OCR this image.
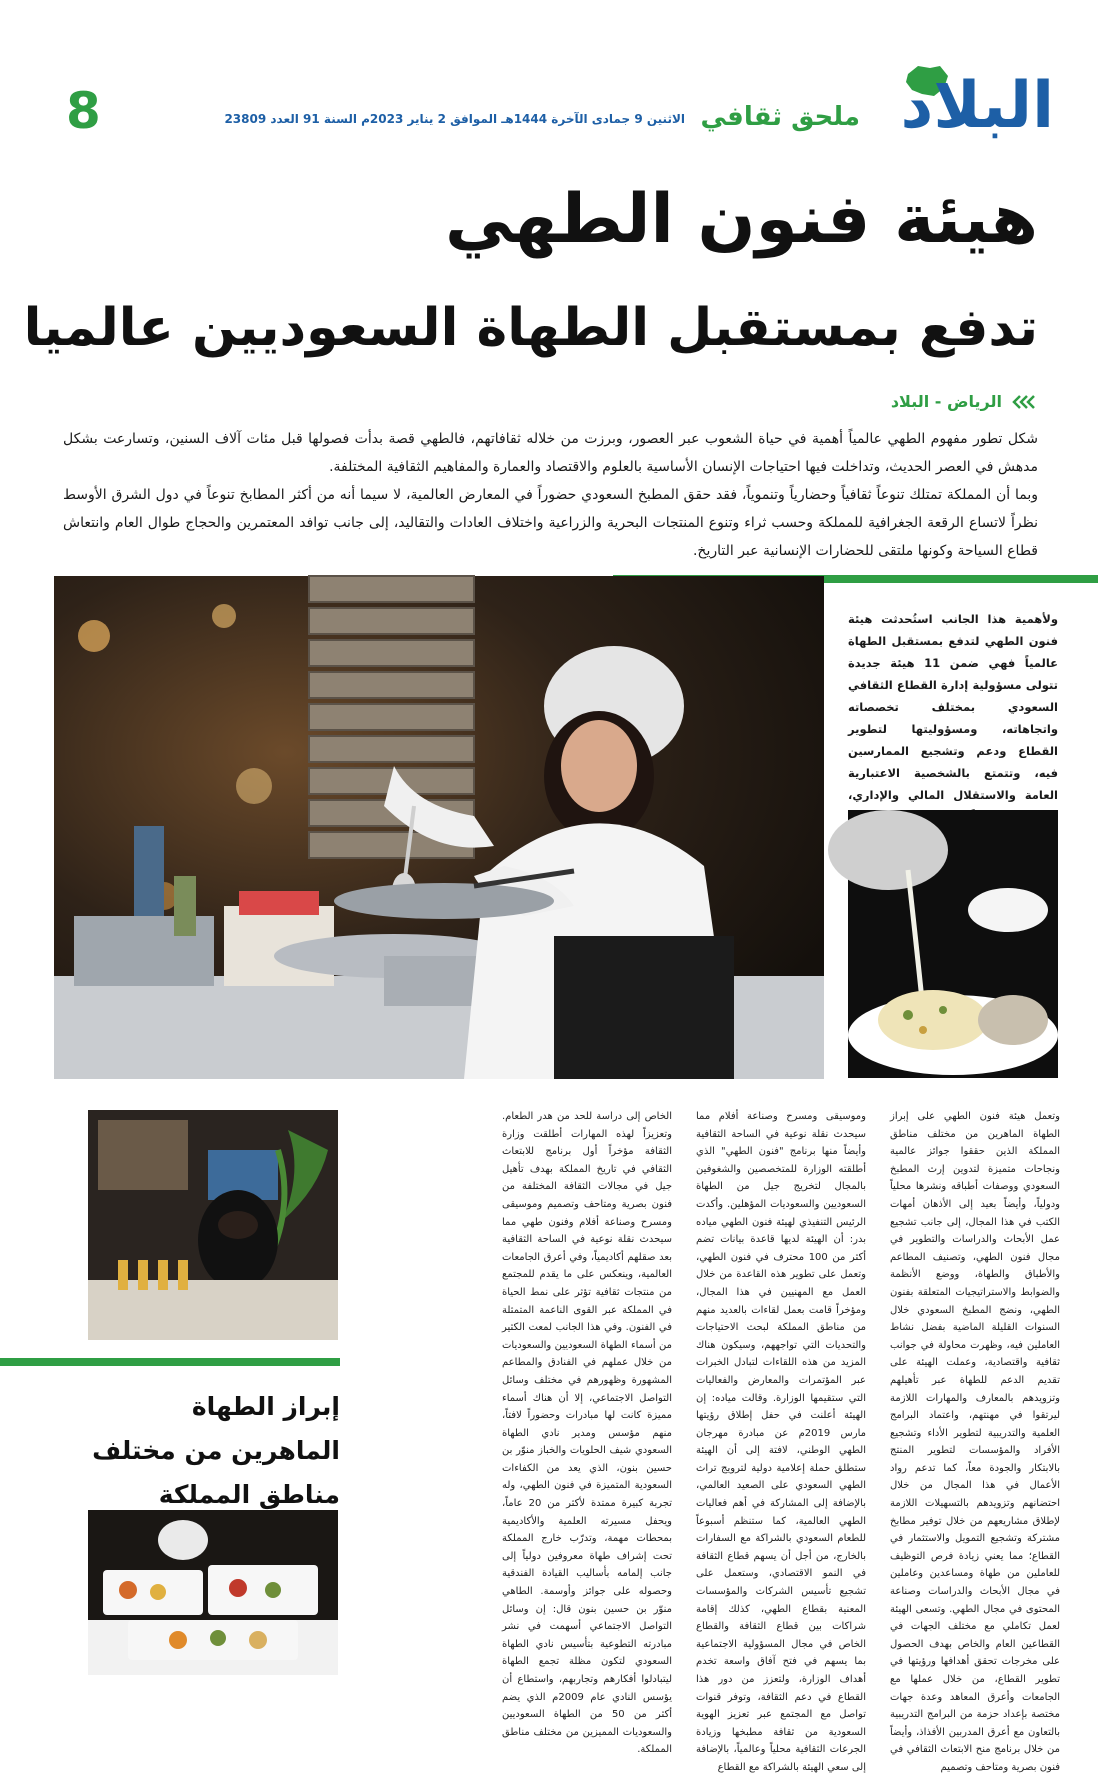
البلاد
ملحق ثقافي
الاثنين 9 جمادى الآخرة 1444هـ الموافق 2 يناير 2023م السنة 91 العدد 23809
8
هيئة فنون الطهي
تدفع بمستقبل الطهاة السعوديين عالميا
الرياض - البلاد

شكل تطور مفهوم الطهي عالمياً أهمية في حياة الشعوب عبر العصور، وبرزت من خلاله ثقافاتهم، فالطهي قصة بدأت فصولها قبل مئات آلاف السنين، وتسارعت بشكل مدهش في العصر الحديث، وتداخلت فيها احتياجات الإنسان الأساسية بالعلوم والاقتصاد والعمارة والمفاهيم الثقافية المختلفة.

وبما أن المملكة تمتلك تنوعاً ثقافياً وحضارياً وتنموياً، فقد حقق المطبخ السعودي حضوراً في المعارض العالمية، لا سيما أنه من أكثر المطابخ تنوعاً في دول الشرق الأوسط نظراً لاتساع الرقعة الجغرافية للمملكة وحسب ثراء وتنوع المنتجات البحرية والزراعية واختلاف العادات والتقاليد، إلى جانب توافد المعتمرين والحجاج طوال العام وانتعاش قطاع السياحة وكونها ملتقى للحضارات الإنسانية عبر التاريخ.

ولأهمية هذا الجانب استُحدثت هيئة فنون الطهي لتدفع بمستقبل الطهاة عالمياً فهي ضمن 11 هيئة جديدة تتولى مسؤولية إدارة القطاع الثقافي السعودي بمختلف تخصصاته واتجاهاته، ومسؤوليتها لتطوير القطاع ودعم وتشجيع الممارسين فيه، وتتمتع بالشخصية الاعتبارية العامة والاستقلال المالي والإداري،

وتعمل هيئة فنون الطهي على إبراز الطهاة الماهرين من مختلف مناطق المملكة الذين حققوا جوائز عالمية ونجاحات متميزة لتدوين إرث المطبخ السعودي ووصفات أطباقه ونشرها محلياً ودولياً، وأيضاً بعيد إلى الأذهان أمهات الكتب في هذا المجال، إلى جانب تشجيع عمل الأبحاث والدراسات والتطوير في مجال فنون الطهي، وتصنيف المطاعم والأطباق والطهاة، ووضع الأنظمة والضوابط والاستراتيجيات المتعلقة بفنون الطهي، ونضج المطبخ السعودي خلال السنوات القليلة الماضية بفضل نشاط العاملين فيه، وظهرت محاولة في جوانب ثقافية واقتصادية، وعملت الهيئة على تقديم الدعم للطهاة عبر تأهيلهم وتزويدهم بالمعارف والمهارات اللازمة ليرتقوا في مهنتهم، واعتماد البرامج العلمية والتدريبية لتطوير الأداء وتشجيع الأفراد والمؤسسات لتطوير المنتج بالابتكار والجودة معاً، كما تدعم رواد الأعمال في هذا المجال من خلال احتضانهم وتزويدهم بالتسهيلات اللازمة لإطلاق مشاريعهم من خلال توفير مطابخ مشتركة وتشجيع التمويل والاستثمار في القطاع؛ مما يعني زيادة فرص التوظيف للعاملين من طهاة ومساعدين وعاملين في مجال الأبحاث والدراسات وصناعة المحتوى في مجال الطهي. وتسعى الهيئة لعمل تكاملي مع مختلف الجهات في القطاعين العام والخاص بهدف الحصول على مخرجات تحقق أهدافها ورؤيتها في تطوير القطاع، من خلال عملها مع الجامعات وأعرق المعاهد وعدة جهات مختصة بإعداد حزمة من البرامج التدريبية بالتعاون مع أعرق المدربين الأفذاذ، وأيضاً من خلال برنامج منح الابتعاث الثقافي في فنون بصرية ومتاحف وتصميم

وموسيقى ومسرح وصناعة أفلام مما سيحدث نقلة نوعية في الساحة الثقافية وأيضاً منها برنامج "فنون الطهي" الذي أطلقته الوزارة للمتخصصين والشغوفين بالمجال لتخريج جيل من الطهاة السعوديين والسعوديات المؤهلين. وأكدت الرئيس التنفيذي لهيئة فنون الطهي مياده بدر: أن الهيئة لديها قاعدة بيانات تضم أكثر من 100 محترف في فنون الطهي، وتعمل على تطوير هذه القاعدة من خلال العمل مع المهنيين في هذا المجال، ومؤخراً قامت بعمل لقاءات بالعديد منهم من مناطق المملكة لبحث الاحتياجات والتحديات التي تواجههم، وسيكون هناك المزيد من هذه اللقاءات لتبادل الخبرات عبر المؤتمرات والمعارض والفعاليات التي ستقيمها الوزارة. وقالت مياده: إن الهيئة أعلنت في حفل إطلاق رؤيتها مارس 2019م عن مبادرة مهرجان الطهي الوطني، لافتة إلى أن الهيئة ستطلق حملة إعلامية دولية لترويج تراث الطهي السعودي على الصعيد العالمي، بالإضافة إلى المشاركة في أهم فعاليات الطهي العالمية، كما ستنظم أسبوعاً للطعام السعودي بالشراكة مع السفارات بالخارج، من أجل أن يسهم قطاع الثقافة في النمو الاقتصادي، وستعمل على تشجيع تأسيس الشركات والمؤسسات المعنية بقطاع الطهي، كذلك إقامة شراكات بين قطاع الثقافة والقطاع الخاص في مجال المسؤولية الاجتماعية بما يسهم في فتح آفاق واسعة تخدم أهداف الوزارة، ولتعزز من دور هذا القطاع في دعم الثقافة، وتوفر قنوات تواصل مع المجتمع عبر تعزيز الهوية السعودية من ثقافة مطبخها وزيادة الجرعات الثقافية محلياً وعالمياً، بالإضافة إلى سعي الهيئة بالشراكة مع القطاع

الخاص إلى دراسة للحد من هدر الطعام. وتعزيزاً لهذه المهارات أطلقت وزارة الثقافة مؤخراً أول برنامج للابتعاث الثقافي في تاريخ المملكة بهدف تأهيل جيل في مجالات الثقافة المختلفة من فنون بصرية ومتاحف وتصميم وموسيقى ومسرح وصناعة أفلام وفنون طهي مما سيحدث نقلة نوعية في الساحة الثقافية بعد صقلهم أكاديمياً، وفي أعرق الجامعات العالمية، وينعكس على ما يقدم للمجتمع من منتجات ثقافية تؤثر على نمط الحياة في المملكة عبر القوى الناعمة المتمثلة في الفنون. وفي هذا الجانب لمعت الكثير من أسماء الطهاة السعوديين والسعوديات من خلال عملهم في الفنادق والمطاعم المشهورة وظهورهم في مختلف وسائل التواصل الاجتماعي، إلا أن هناك أسماء مميزة كانت لها مبادرات وحضوراً لافتاً، منهم مؤسس ومدير نادي الطهاة السعودي شيف الحلويات والخباز منوّر بن حسين بنون، الذي يعد من الكفاءات السعودية المتميزة في فنون الطهي، وله تجربة كبيرة ممتدة لأكثر من 20 عاماً، ويحفل مسيرته العلمية والأكاديمية بمحطات مهمة، وتدرّب خارج المملكة تحت إشراف طهاة معروفين دولياً إلى جانب إلمامه بأساليب القيادة الفندقية وحصوله على جوائز وأوسمة. الطاهي منوّر بن حسين بنون قال: إن وسائل التواصل الاجتماعي أسهمت في نشر مبادرته التطوعية بتأسيس نادي الطهاة السعودي لتكون مظلة تجمع الطهاة ليتبادلوا أفكارهم وتجاربهم، واستطاع أن يؤسس النادي عام 2009م الذي يضم أكثر من 50 من الطهاة السعوديين والسعوديات المميزين من مختلف مناطق المملكة.

إبراز الطهاة الماهرين من مختلف مناطق المملكة
